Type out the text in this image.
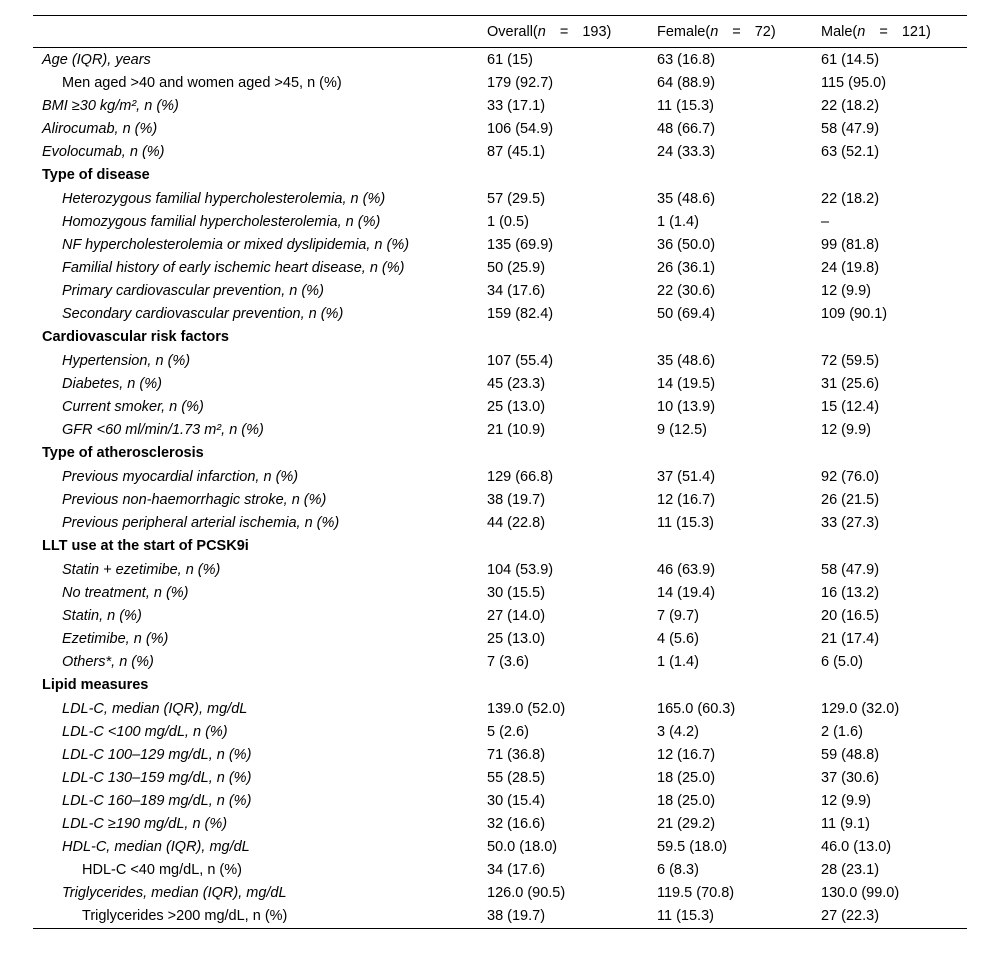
	Overall(n = 193)	Female(n = 72)	Male(n = 121)
Age (IQR), years	61 (15)	63 (16.8)	61 (14.5)
Men aged >40 and women aged >45, n (%)	179 (92.7)	64 (88.9)	115 (95.0)
BMI ≥30 kg/m², n (%)	33 (17.1)	11 (15.3)	22 (18.2)
Alirocumab, n (%)	106 (54.9)	48 (66.7)	58 (47.9)
Evolocumab, n (%)	87 (45.1)	24 (33.3)	63 (52.1)
Type of disease			
Heterozygous familial hypercholesterolemia, n (%)	57 (29.5)	35 (48.6)	22 (18.2)
Homozygous familial hypercholesterolemia, n (%)	1 (0.5)	1 (1.4)	–
NF hypercholesterolemia or mixed dyslipidemia, n (%)	135 (69.9)	36 (50.0)	99 (81.8)
Familial history of early ischemic heart disease, n (%)	50 (25.9)	26 (36.1)	24 (19.8)
Primary cardiovascular prevention, n (%)	34 (17.6)	22 (30.6)	12 (9.9)
Secondary cardiovascular prevention, n (%)	159 (82.4)	50 (69.4)	109 (90.1)
Cardiovascular risk factors			
Hypertension, n (%)	107 (55.4)	35 (48.6)	72 (59.5)
Diabetes, n (%)	45 (23.3)	14 (19.5)	31 (25.6)
Current smoker, n (%)	25 (13.0)	10 (13.9)	15 (12.4)
GFR <60 ml/min/1.73 m², n (%)	21 (10.9)	9 (12.5)	12 (9.9)
Type of atherosclerosis			
Previous myocardial infarction, n (%)	129 (66.8)	37 (51.4)	92 (76.0)
Previous non-haemorrhagic stroke, n (%)	38 (19.7)	12 (16.7)	26 (21.5)
Previous peripheral arterial ischemia, n (%)	44 (22.8)	11 (15.3)	33 (27.3)
LLT use at the start of PCSK9i			
Statin + ezetimibe, n (%)	104 (53.9)	46 (63.9)	58 (47.9)
No treatment, n (%)	30 (15.5)	14 (19.4)	16 (13.2)
Statin, n (%)	27 (14.0)	7 (9.7)	20 (16.5)
Ezetimibe, n (%)	25 (13.0)	4 (5.6)	21 (17.4)
Others*, n (%)	7 (3.6)	1 (1.4)	6 (5.0)
Lipid measures			
LDL-C, median (IQR), mg/dL	139.0 (52.0)	165.0 (60.3)	129.0 (32.0)
LDL-C <100 mg/dL, n (%)	5 (2.6)	3 (4.2)	2 (1.6)
LDL-C 100–129 mg/dL, n (%)	71 (36.8)	12 (16.7)	59 (48.8)
LDL-C 130–159 mg/dL, n (%)	55 (28.5)	18 (25.0)	37 (30.6)
LDL-C 160–189 mg/dL, n (%)	30 (15.4)	18 (25.0)	12 (9.9)
LDL-C ≥190 mg/dL, n (%)	32 (16.6)	21 (29.2)	11 (9.1)
HDL-C, median (IQR), mg/dL	50.0 (18.0)	59.5 (18.0)	46.0 (13.0)
HDL-C <40 mg/dL, n (%)	34 (17.6)	6 (8.3)	28 (23.1)
Triglycerides, median (IQR), mg/dL	126.0 (90.5)	119.5 (70.8)	130.0 (99.0)
Triglycerides >200 mg/dL, n (%)	38 (19.7)	11 (15.3)	27 (22.3)
